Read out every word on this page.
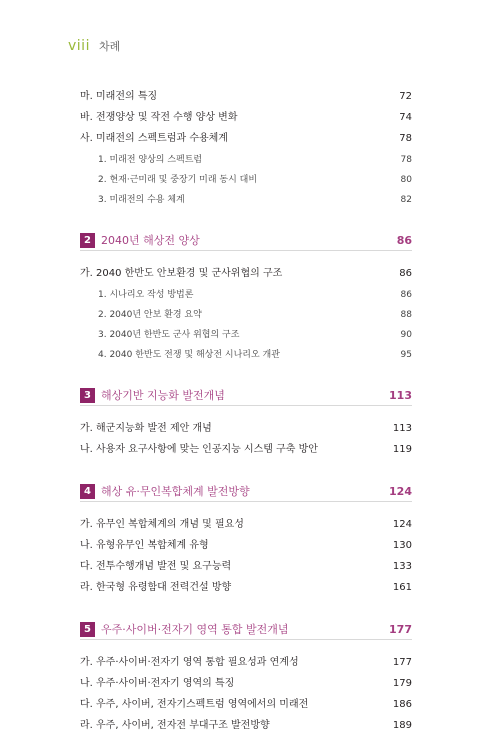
viii 차례
마. 미래전의 특징	72
바. 전쟁양상 및 작전 수행 양상 변화	74
사. 미래전의 스펙트럼과 수용체계	78
1. 미래전 양상의 스펙트럼	78
2. 현재·근미래 및 중장기 미래 동시 대비	80
3. 미래전의 수용 체계	82
2 2040년 해상전 양상	86
가. 2040 한반도 안보환경 및 군사위협의 구조	86
1. 시나리오 작성 방법론	86
2. 2040년 안보 환경 요약	88
3. 2040년 한반도 군사 위협의 구조	90
4. 2040 한반도 전쟁 및 해상전 시나리오 개관	95
3 해상기반 지능화 발전개념	113
가. 해군지능화 발전 제안 개념	113
나. 사용자 요구사항에 맞는 인공지능 시스템 구축 방안	119
4 해상 유·무인복합체계 발전방향	124
가. 유무인 복합체계의 개념 및 필요성	124
나. 유형유무인 복합체계 유형	130
다. 전투수행개념 발전 및 요구능력	133
라. 한국형 유령함대 전력건설 방향	161
5 우주·사이버·전자기 영역 통합 발전개념	177
가. 우주·사이버·전자기 영역 통합 필요성과 연계성	177
나. 우주·사이버·전자기 영역의 특징	179
다. 우주, 사이버, 전자기스펙트럼 영역에서의 미래전	186
라. 우주, 사이버, 전자전 부대구조 발전방향	189
